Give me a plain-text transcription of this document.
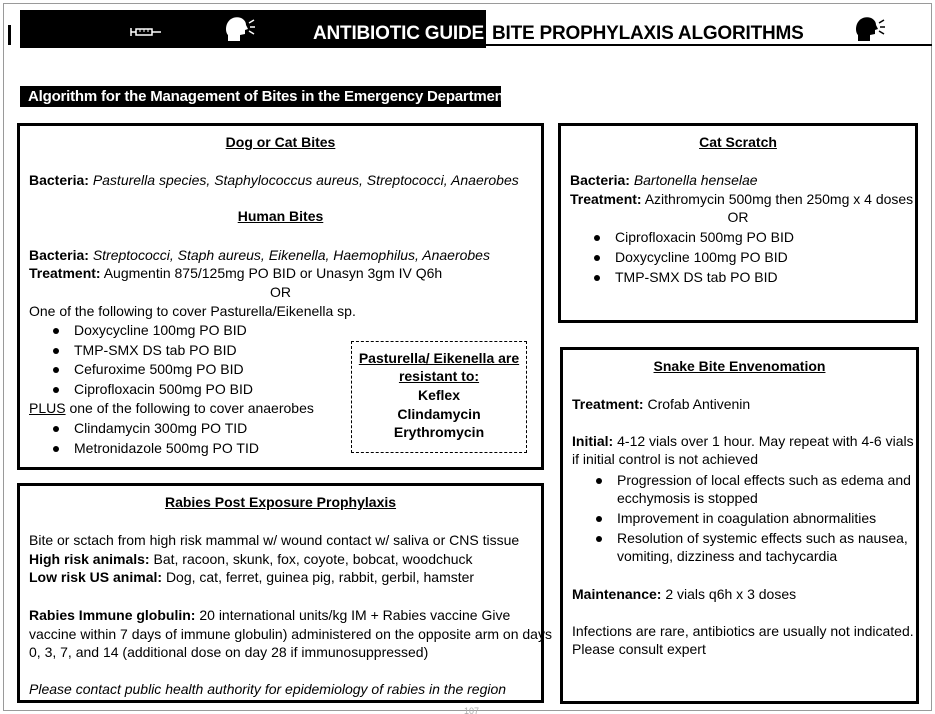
ANTIBIOTIC GUIDE BITE PROPHYLAXIS ALGORITHMS
Algorithm for the Management of Bites in the Emergency Department
Dog or Cat Bites
Bacteria: Pasturella species, Staphylococcus aureus, Streptococci, Anaerobes
Human Bites
Bacteria: Streptococci, Staph aureus, Eikenella, Haemophilus, Anaerobes
Treatment: Augmentin 875/125mg PO BID or Unasyn 3gm IV Q6h
OR
One of the following to cover Pasturella/Eikenella sp.
Doxycycline 100mg PO BID
TMP-SMX DS tab PO BID
Cefuroxime 500mg PO BID
Ciprofloxacin 500mg PO BID
PLUS one of the following to cover anaerobes
Clindamycin 300mg PO TID
Metronidazole 500mg PO TID
Pasturella/ Eikenella are
resistant to:
Keflex
Clindamycin
Erythromycin
Cat Scratch
Bacteria: Bartonella henselae
Treatment: Azithromycin 500mg then 250mg x 4 doses
OR
Ciprofloxacin 500mg PO BID
Doxycycline 100mg PO BID
TMP-SMX DS tab PO BID
Snake Bite Envenomation
Treatment: Crofab Antivenin
Initial: 4-12 vials over 1 hour. May repeat with 4-6 vials
if initial control is not achieved
Progression of local effects such as edema and
ecchymosis is stopped
Improvement in coagulation abnormalities
Resolution of systemic effects such as nausea,
vomiting, dizziness and tachycardia
Maintenance: 2 vials q6h x 3 doses
Infections are rare, antibiotics are usually not indicated.
Please consult expert
Rabies Post Exposure Prophylaxis
Bite or sctach from high risk mammal w/ wound contact w/ saliva or CNS tissue
High risk animals: Bat, racoon, skunk, fox, coyote, bobcat, woodchuck
Low risk US animal: Dog, cat, ferret, guinea pig, rabbit, gerbil, hamster
Rabies Immune globulin: 20 international units/kg IM + Rabies vaccine Give
vaccine within 7 days of immune globulin) administered on the opposite arm on days
0, 3, 7, and 14 (additional dose on day 28 if immunosuppressed)
Please contact public health authority for epidemiology of rabies in the region
107
